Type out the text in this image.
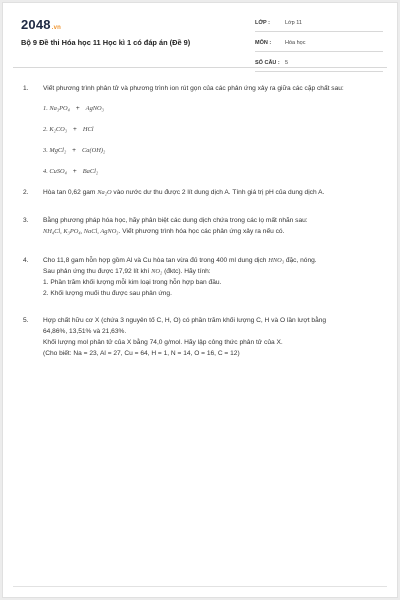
2048.vn
Bộ 9 Đề thi Hóa học 11 Học kì 1 có đáp án (Đề 9)
LỚP :	Lớp 11
MÔN :	Hóa học
SỐ CÂU : 5
1. Viết phương trình phân tử và phương trình ion rút gọn của các phản ứng xảy ra giữa các cặp chất sau:

1. Na₃PO₄ + AgNO₃
2. K₂CO₃ + HCl
3. MgCl₂ + Ca(OH)₂
4. CuSO₄ + BaCl₂
2. Hòa tan 0,62 gam Na₂O vào nước dư thu được 2 lít dung dịch A. Tính giá trị pH của dung dịch A.

3. Bằng phương pháp hóa học, hãy phân biệt các dung dịch chứa trong các lọ mất nhãn sau:

NH₄Cl, K₃PO₄, NaCl, AgNO₃. Viết phương trình hóa học các phản ứng xảy ra nếu có.

4. Cho 11,8 gam hỗn hợp gồm Al và Cu hòa tan vừa đủ trong 400 ml dung dịch HNO₃ đặc, nóng.

Sau phản ứng thu được 17,92 lít khí NO₂ (đktc). Hãy tính:

1. Phần trăm khối lượng mỗi kim loại trong hỗn hợp ban đầu.

2. Khối lượng muối thu được sau phản ứng.

5. Hợp chất hữu cơ X (chứa 3 nguyên tố C, H, O) có phần trăm khối lượng C, H và O lần lượt bằng

64,86%, 13,51% và 21,63%.

Khối lượng mol phân tử của X bằng 74,0 g/mol. Hãy lập công thức phân tử của X.

(Cho biết: Na = 23, Al = 27, Cu = 64, H = 1, N = 14, O = 16, C = 12)
